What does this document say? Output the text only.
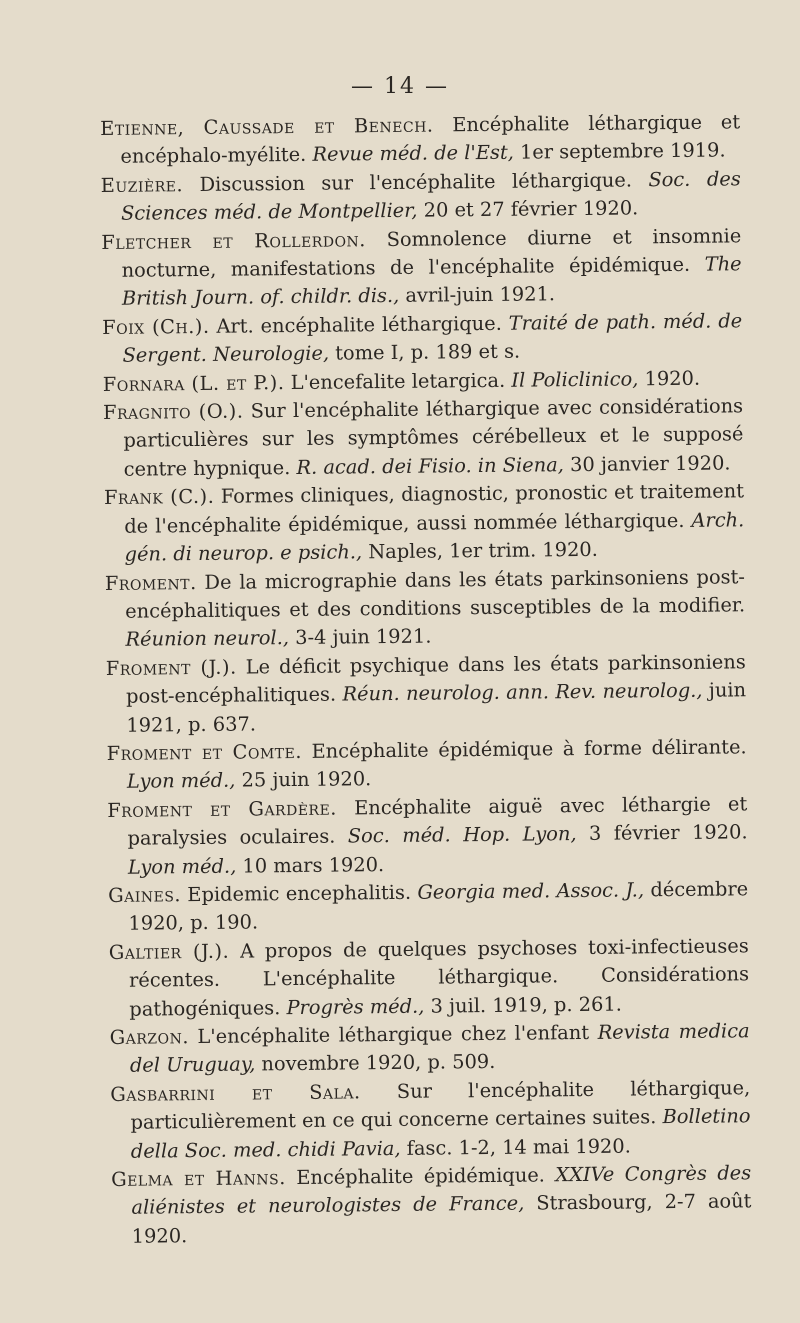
— 14 —

Etienne, Caussade et Benech. Encéphalite léthargique et encéphalo-myélite. Revue méd. de l'Est, 1er septembre 1919.

Euzière. Discussion sur l'encéphalite léthargique. Soc. des Sciences méd. de Montpellier, 20 et 27 février 1920.

Fletcher et Rollerdon. Somnolence diurne et insomnie nocturne, manifestations de l'encéphalite épidémique. The British Journ. of. childr. dis., avril-juin 1921.

Foix (Ch.). Art. encéphalite léthargique. Traité de path. méd. de Sergent. Neurologie, tome I, p. 189 et s.

Fornara (L. et P.). L'encefalite letargica. Il Policlinico, 1920.

Fragnito (O.). Sur l'encéphalite léthargique avec considérations particulières sur les symptômes cérébelleux et le supposé centre hypnique. R. acad. dei Fisio. in Siena, 30 janvier 1920.

Frank (C.). Formes cliniques, diagnostic, pronostic et traitement de l'encéphalite épidémique, aussi nommée léthargique. Arch. gén. di neurop. e psich., Naples, 1er trim. 1920.

Froment. De la micrographie dans les états parkinsoniens post-encéphalitiques et des conditions susceptibles de la modifier. Réunion neurol., 3-4 juin 1921.

Froment (J.). Le déficit psychique dans les états parkinsoniens post-encéphalitiques. Réun. neurolog. ann. Rev. neurolog., juin 1921, p. 637.

Froment et Comte. Encéphalite épidémique à forme délirante. Lyon méd., 25 juin 1920.

Froment et Gardère. Encéphalite aiguë avec léthargie et paralysies oculaires. Soc. méd. Hop. Lyon, 3 février 1920. Lyon méd., 10 mars 1920.

Gaines. Epidemic encephalitis. Georgia med. Assoc. J., décembre 1920, p. 190.

Galtier (J.). A propos de quelques psychoses toxi-infectieuses récentes. L'encéphalite léthargique. Considérations pathogéniques. Progrès méd., 3 juil. 1919, p. 261.

Garzon. L'encéphalite léthargique chez l'enfant Revista medica del Uruguay, novembre 1920, p. 509.

Gasbarrini et Sala. Sur l'encéphalite léthargique, particulièrement en ce qui concerne certaines suites. Bolletino della Soc. med. chidi Pavia, fasc. 1-2, 14 mai 1920.

Gelma et Hanns. Encéphalite épidémique. XXIVe Congrès des aliénistes et neurologistes de France, Strasbourg, 2-7 août 1920.
